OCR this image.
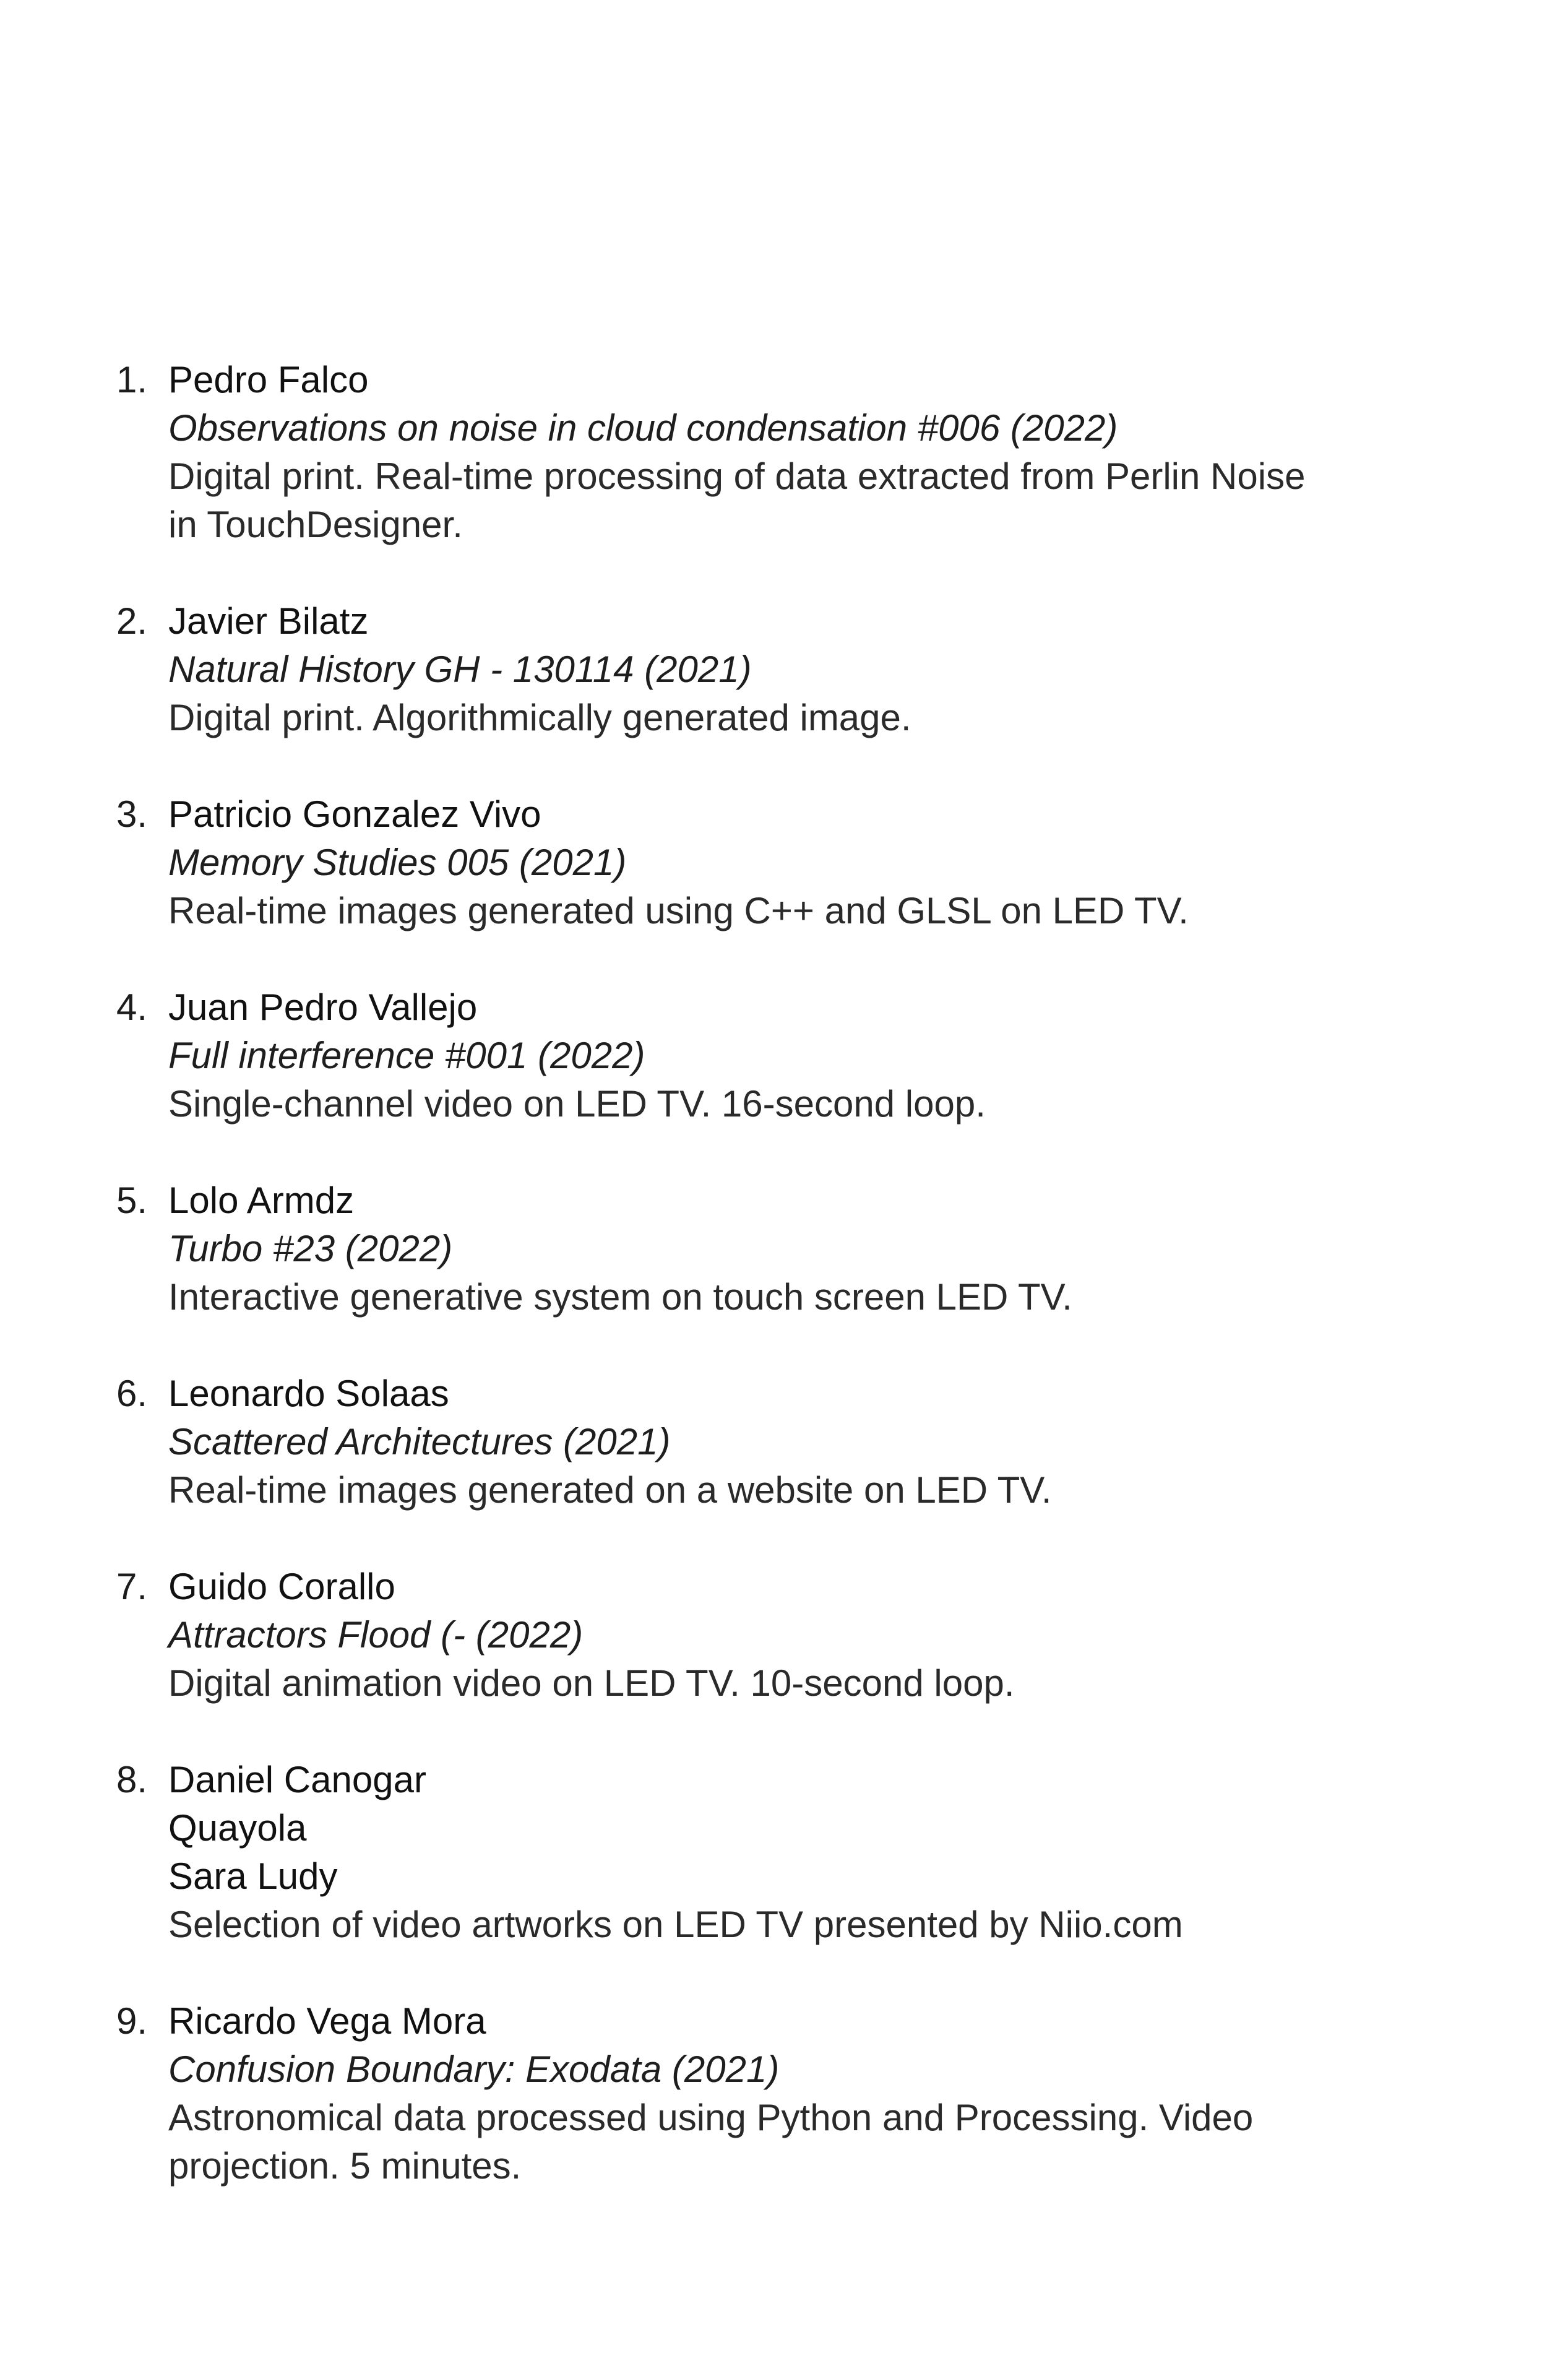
1. Pedro Falco
Observations on noise in cloud condensation #006 (2022)
Digital print. Real-time processing of data extracted from Perlin Noise
in TouchDesigner.
2. Javier Bilatz
Natural History GH - 130114 (2021)
Digital print. Algorithmically generated image.
3. Patricio Gonzalez Vivo
Memory Studies 005 (2021)
Real-time images generated using C++ and GLSL on LED TV.
4. Juan Pedro Vallejo
Full interference #001 (2022)
Single-channel video on LED TV. 16-second loop.
5. Lolo Armdz
Turbo #23 (2022)
Interactive generative system on touch screen LED TV.
6. Leonardo Solaas
Scattered Architectures (2021)
Real-time images generated on a website on LED TV.
7. Guido Corallo
Attractors Flood (- (2022)
Digital animation video on LED TV. 10-second loop.
8. Daniel Canogar
Quayola
Sara Ludy
Selection of video artworks on LED TV presented by Niio.com
9. Ricardo Vega Mora
Confusion Boundary: Exodata (2021)
Astronomical data processed using Python and Processing. Video
projection. 5 minutes.
